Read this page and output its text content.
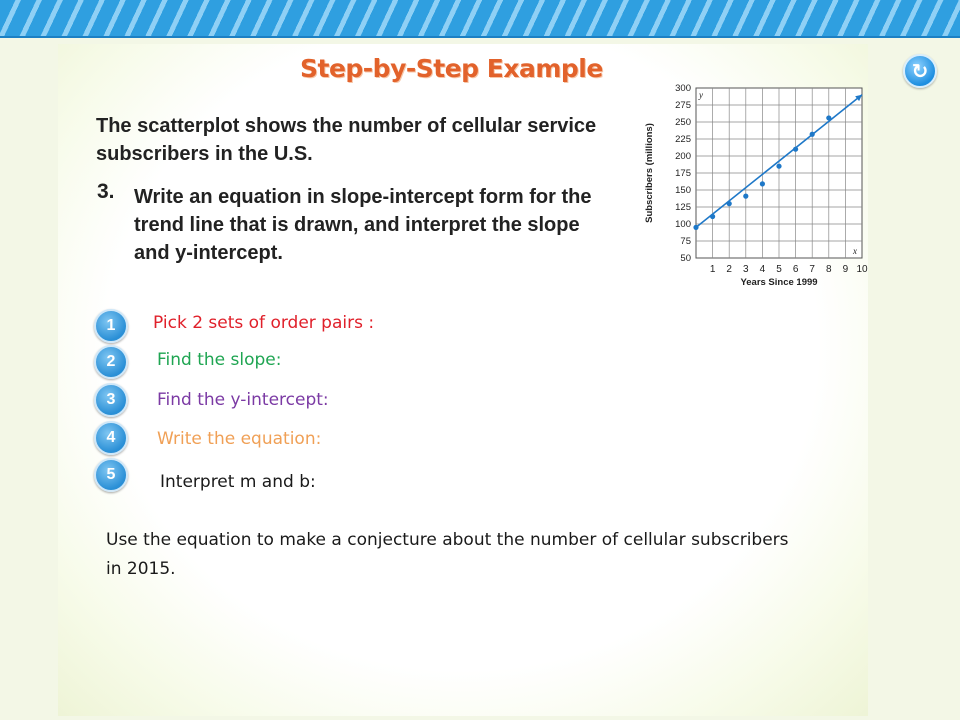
Step-by-Step Example	↻
The scatterplot shows the number of cellular service subscribers in the U.S.
3. Write an equation in slope-intercept form for the trend line that is drawn, and interpret the slope and y-intercept.	50
75
100
125
150
175
200
225
250
275
300
1 2 3 4 5 6 7 8 9 10
y
x
Years Since 1999
Subscribers (millions)
1	Pick 2 sets of order pairs :
2	Find the slope:
3	Find the y-intercept:
4	Write the equation:
5	Interpret m and b:
Use the equation to make a conjecture about the number of cellular subscribers in 2015.
